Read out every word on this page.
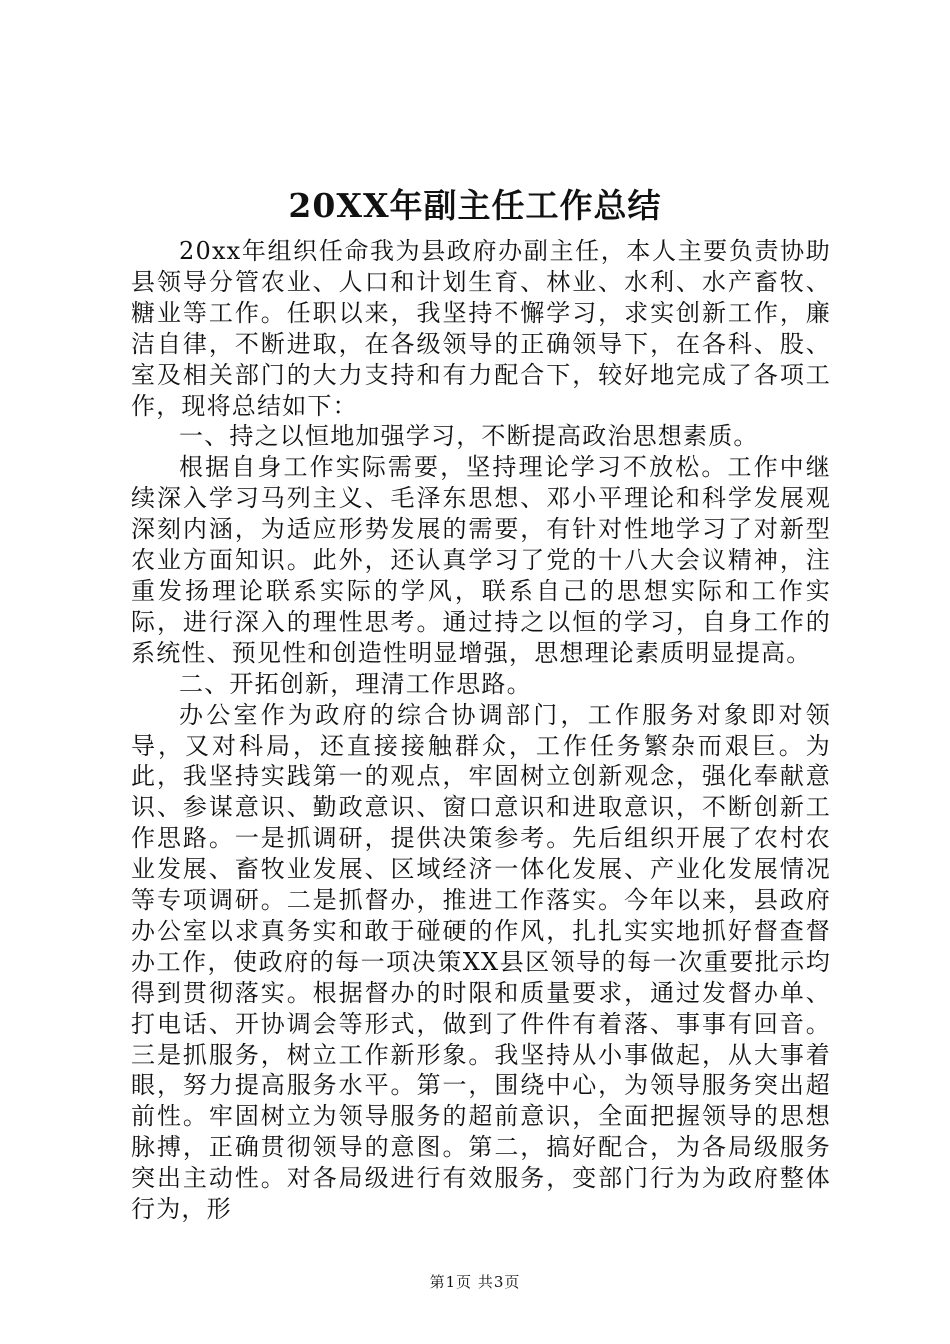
20XX年副主任工作总结

20xx年组织任命我为县政府办副主任，本人主要负责协助县领导分管农业、人口和计划生育、林业、水利、水产畜牧、糖业等工作。任职以来，我坚持不懈学习，求实创新工作，廉洁自律，不断进取，在各级领导的正确领导下，在各科、股、室及相关部门的大力支持和有力配合下，较好地完成了各项工作，现将总结如下：

一、持之以恒地加强学习，不断提高政治思想素质。

根据自身工作实际需要，坚持理论学习不放松。工作中继续深入学习马列主义、毛泽东思想、邓小平理论和科学发展观深刻内涵，为适应形势发展的需要，有针对性地学习了对新型农业方面知识。此外，还认真学习了党的十八大会议精神，注重发扬理论联系实际的学风，联系自己的思想实际和工作实际，进行深入的理性思考。通过持之以恒的学习，自身工作的系统性、预见性和创造性明显增强，思想理论素质明显提高。

二、开拓创新，理清工作思路。

办公室作为政府的综合协调部门，工作服务对象即对领导，又对科局，还直接接触群众，工作任务繁杂而艰巨。为此，我坚持实践第一的观点，牢固树立创新观念，强化奉献意识、参谋意识、勤政意识、窗口意识和进取意识，不断创新工作思路。一是抓调研，提供决策参考。先后组织开展了农村农业发展、畜牧业发展、区域经济一体化发展、产业化发展情况等专项调研。二是抓督办，推进工作落实。今年以来，县政府办公室以求真务实和敢于碰硬的作风，扎扎实实地抓好督查督办工作，使政府的每一项决策XX县区领导的每一次重要批示均得到贯彻落实。根据督办的时限和质量要求，通过发督办单、打电话、开协调会等形式，做到了件件有着落、事事有回音。三是抓服务，树立工作新形象。我坚持从小事做起，从大事着眼，努力提高服务水平。第一，围绕中心，为领导服务突出超前性。牢固树立为领导服务的超前意识，全面把握领导的思想脉搏，正确贯彻领导的意图。第二，搞好配合，为各局级服务突出主动性。对各局级进行有效服务，变部门行为为政府整体行为，形

第1页 共3页
